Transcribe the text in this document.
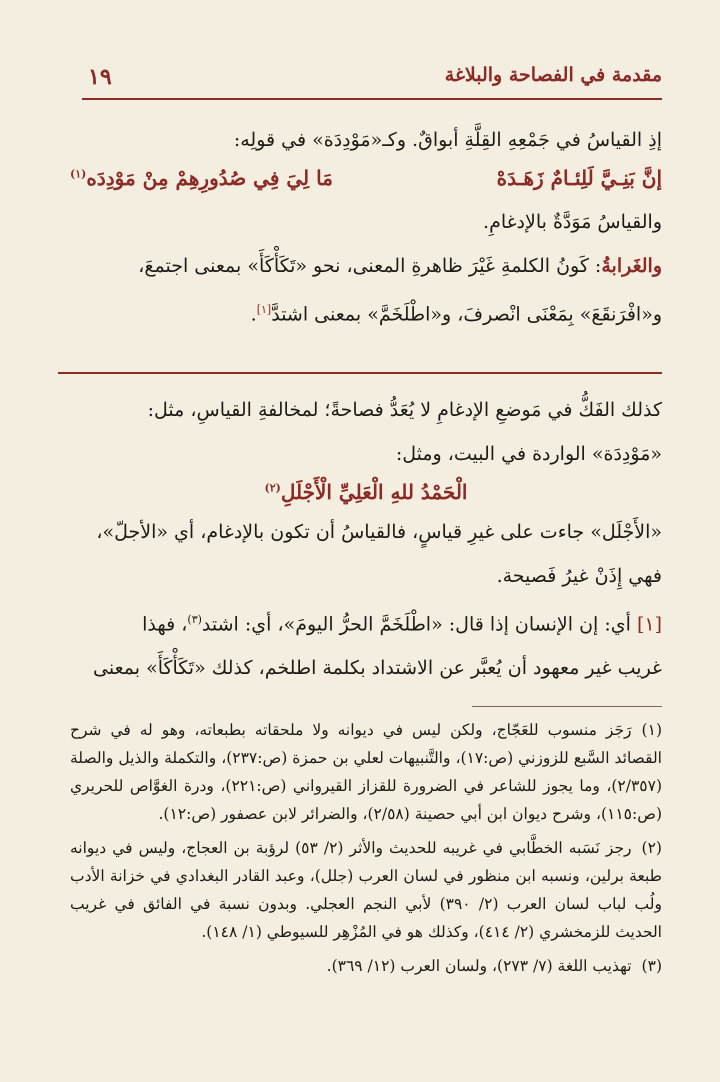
مقدمة في الفصاحة والبلاغة
١٩

إذِ القياسُ في جَمْعِهِ القِلَّةِ أبواقٌ. وكـ«مَوْدِدَة» في قولِه:

إنَّ بَنِـيَّ لَلِئـامٌ زَهَـدَهْ
مَا لِيَ فِي صُدُورِهِمْ مِنْ مَوْدِدَه$^{(١)}$

والقياسُ مَوَدَّةٌ بالإدغامِ.

والغَرابةُ: كَونُ الكلمةِ غَيْرَ ظاهرةِ المعنى، نحو «تَكَأْكَأَ» بمعنى اجتمعَ،

و«افْرَنقَعَ» بِمَعْنَى انْصرفَ، و«اطْلَخَمَّ» بمعنى اشتدَّ[١].

كذلك الفَكُّ في مَوضعِ الإدغامِ لا يُعَدُّ فصاحةً؛ لمخالفةِ القياسِ، مثل:

«مَوْدِدَة» الواردة في البيت، ومثل:

الْحَمْدُ للهِ الْعَلِيِّ الْأَجْلَلِ$^{(٢)}$

«الأَجْلَل» جاءت على غيرِ قياسٍ، فالقياسُ أن تكون بالإدغام، أي «الأجلّ»،

فهي إِذَنْ غيرُ فَصيحة.

[١] أي: إن الإنسان إذا قال: «اطْلَخَمَّ الحرُّ اليومَ»، أي: اشتد$^{(٣)}$، فهذا

غريب غير معهود أن يُعبَّر عن الاشتداد بكلمة اطلخم، كذلك «تَكَأْكَأَ» بمعنى

(١)رَجَز منسوب للعَجّاج، ولكن ليس في ديوانه ولا ملحقاته بطبعاته، وهو له في شرح القصائد السَّبع للزوزني (ص:١٧)، والتَّنبيهات لعلي بن حمزة (ص:٢٣٧)، والتكملة والذيل والصلة (٢/٣٥٧)، وما يجوز للشاعر في الضرورة للقزاز القيرواني (ص:٢٢١)، ودرة الغوَّاص للحريري (ص:١١٥)، وشرح ديوان ابن أبي حصينة (٢/٥٨)، والضرائر لابن عصفور (ص:١٢).

(٢)رجز نَسَبه الخطَّابي في غريبه للحديث والأثر (٢/ ٥٣) لرؤبة بن العجاج، وليس في ديوانه طبعة برلين، ونسبه ابن منظور في لسان العرب (جلل)، وعبد القادر البغدادي في خزانة الأدب ولُب لباب لسان العرب (٢/ ٣٩٠) لأبي النجم العجلي. وبدون نسبة في الفائق في غريب الحديث للزمخشري (٢/ ٤١٤)، وكذلك هو في المُزْهِر للسيوطي (١/ ١٤٨).

(٣)تهذيب اللغة (٧/ ٢٧٣)، ولسان العرب (١٢/ ٣٦٩).
